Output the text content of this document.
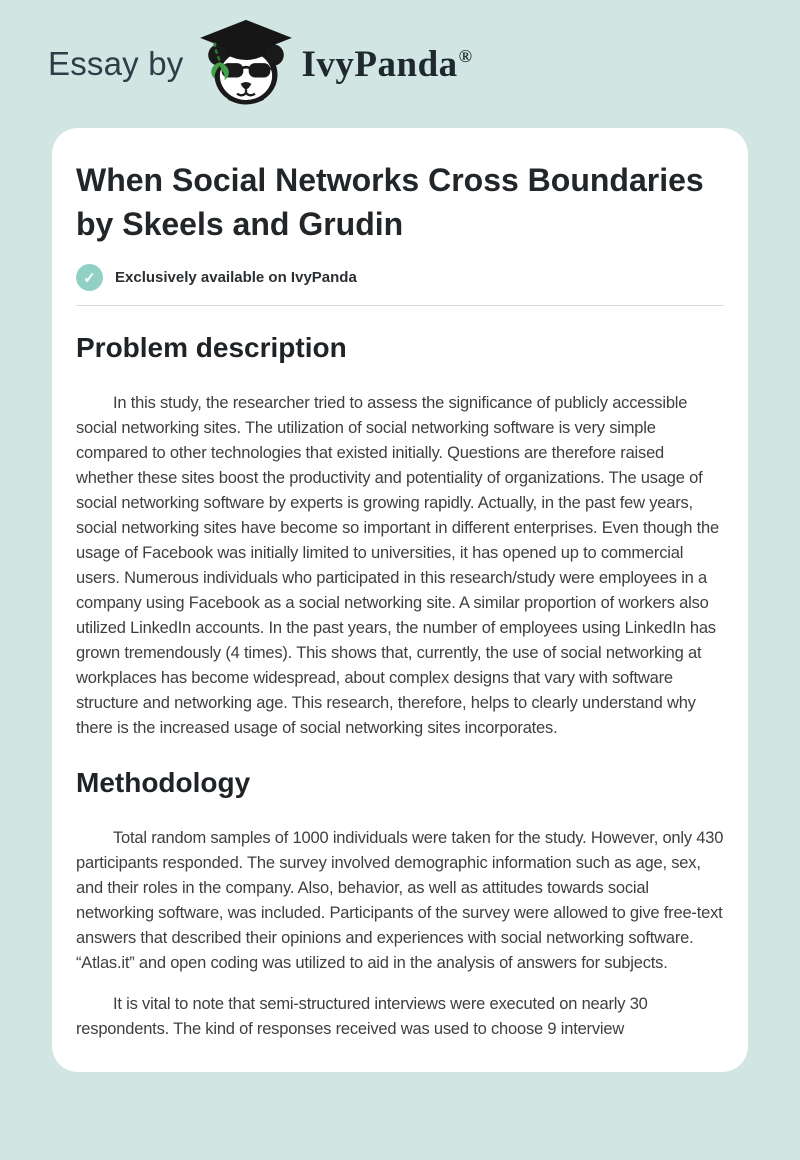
Essay by	IvyPanda®
When Social Networks Cross Boundaries by Skeels and Grudin
✓	Exclusively available on IvyPanda
Problem description

In this study, the researcher tried to assess the significance of publicly accessible social networking sites. The utilization of social networking software is very simple compared to other technologies that existed initially. Questions are therefore raised whether these sites boost the productivity and potentiality of organizations. The usage of social networking software by experts is growing rapidly. Actually, in the past few years, social networking sites have become so important in different enterprises. Even though the usage of Facebook was initially limited to universities, it has opened up to commercial users. Numerous individuals who participated in this research/study were employees in a company using Facebook as a social networking site. A similar proportion of workers also utilized LinkedIn accounts. In the past years, the number of employees using LinkedIn has grown tremendously (4 times). This shows that, currently, the use of social networking at workplaces has become widespread, about complex designs that vary with software structure and networking age. This research, therefore, helps to clearly understand why there is the increased usage of social networking sites incorporates.

Methodology

Total random samples of 1000 individuals were taken for the study. However, only 430 participants responded. The survey involved demographic information such as age, sex, and their roles in the company. Also, behavior, as well as attitudes towards social networking software, was included. Participants of the survey were allowed to give free-text answers that described their opinions and experiences with social networking software. “Atlas.it” and open coding was utilized to aid in the analysis of answers for subjects.

It is vital to note that semi-structured interviews were executed on nearly 30 respondents. The kind of responses received was used to choose 9 interview
